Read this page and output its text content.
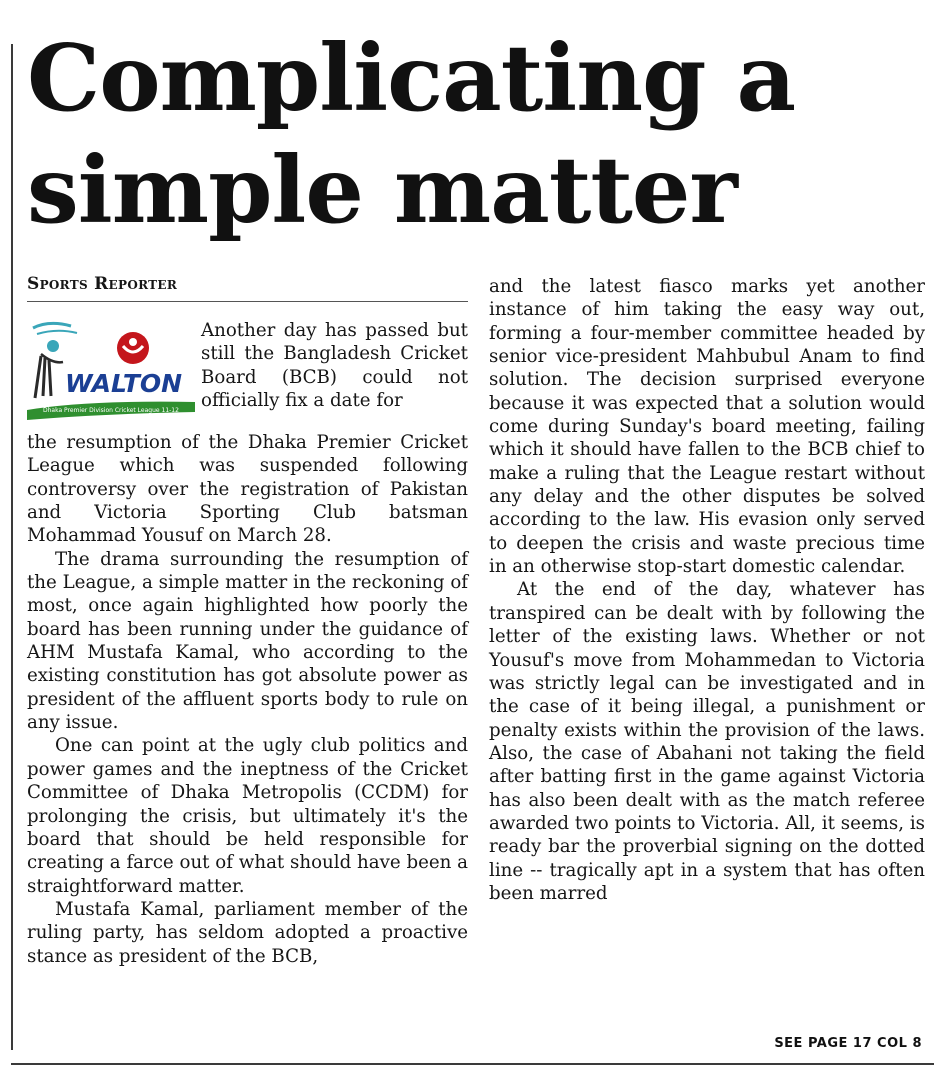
Complicating a
simple matter
Sports Reporter
WALTON
Dhaka Premier Division Cricket League 11-12

Another day has passed but still the Bangladesh Cricket Board (BCB) could not officially fix a date for

the resumption of the Dhaka Premier Cricket League which was suspended following controversy over the registration of Pakistan and Victoria Sporting Club batsman Mohammad Yousuf on March 28.

The drama surrounding the resumption of the League, a simple matter in the reckoning of most, once again highlighted how poorly the board has been running under the guidance of AHM Mustafa Kamal, who according to the existing constitution has got absolute power as president of the affluent sports body to rule on any issue.

One can point at the ugly club politics and power games and the ineptness of the Cricket Committee of Dhaka Metropolis (CCDM) for prolonging the crisis, but ultimately it's the board that should be held responsible for creating a farce out of what should have been a straightforward matter.

Mustafa Kamal, parliament member of the ruling party, has seldom adopted a proactive stance as president of the BCB,

and the latest fiasco marks yet another instance of him taking the easy way out, forming a four-member committee headed by senior vice-president Mahbubul Anam to find solution. The decision surprised everyone because it was expected that a solution would come during Sunday's board meeting, failing which it should have fallen to the BCB chief to make a ruling that the League restart without any delay and the other disputes be solved according to the law. His evasion only served to deepen the crisis and waste precious time in an otherwise stop-start domestic calendar.

At the end of the day, whatever has transpired can be dealt with by following the letter of the existing laws. Whether or not Yousuf's move from Mohammedan to Victoria was strictly legal can be investigated and in the case of it being illegal, a punishment or penalty exists within the provision of the laws. Also, the case of Abahani not taking the field after batting first in the game against Victoria has also been dealt with as the match referee awarded two points to Victoria. All, it seems, is ready bar the proverbial signing on the dotted line -- tragically apt in a system that has often been marred

SEE PAGE 17 COL 8
